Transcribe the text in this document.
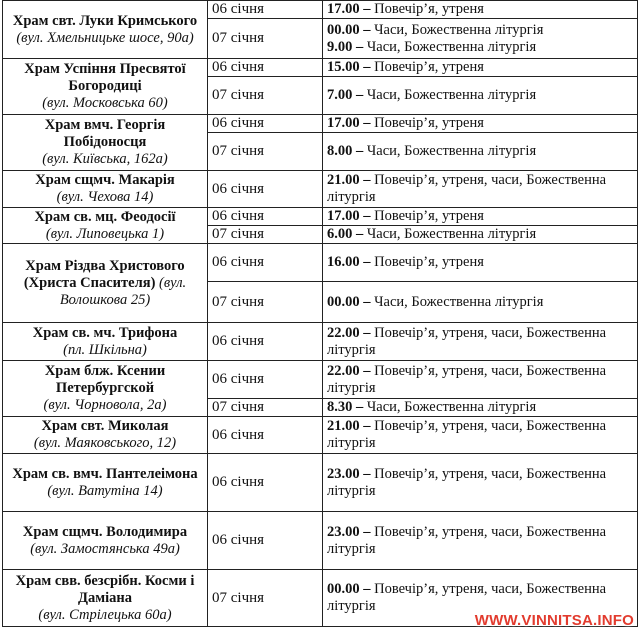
Храм свт. Луки Кримського
(вул. Хмельницьке шосе, 90а)	06 січня	17.00 – Повечір’я, утреня

	07 січня	00.00 – Часи, Божественна літургія
9.00 – Часи, Божественна літургія

Храм Успіння Пресвятої Богородиці
(вул. Московська 60)	06 січня	15.00 – Повечір’я, утреня

	07 січня	7.00 – Часи, Божественна літургія

Храм вмч. Георгія Побідоносця
(вул. Київська, 162а)	06 січня	17.00 – Повечір’я, утреня

	07 січня	8.00 – Часи, Божественна літургія

Храм сщмч. Макарія
(вул. Чехова 14)	06 січня	21.00 – Повечір’я, утреня, часи, Божественна літургія

Храм св. мц. Феодосії
(вул. Липовецька 1)	06 січня	17.00 – Повечір’я, утреня

	07 січня	6.00 – Часи, Божественна літургія

Храм Різдва Христового (Христа Спасителя) (вул.
Волошкова 25)	06 січня	16.00 – Повечір’я, утреня

	07 січня	00.00 – Часи, Божественна літургія

Храм св. мч. Трифона
(пл. Шкільна)	06 січня	22.00 – Повечір’я, утреня, часи, Божественна літургія

Храм блж. Ксении Петербургской
(вул. Чорновола, 2а)	06 січня	22.00 – Повечір’я, утреня, часи, Божественна літургія

	07 січня	8.30 – Часи, Божественна літургія

Храм свт. Миколая
(вул. Маяковського, 12)	06 січня	21.00 – Повечір’я, утреня, часи, Божественна літургія

Храм св. вмч. Пантелеімона
(вул. Ватутіна 14)	06 січня	23.00 – Повечір’я, утреня, часи, Божественна літургія

Храм сщмч. Володимира
(вул. Замостянська 49а)	06 січня	23.00 – Повечір’я, утреня, часи, Божественна літургія

Храм свв. безсрібн. Косми і Даміана
(вул. Стрілецька 60а)	07 січня	00.00 – Повечір’я, утреня, часи, Божественна літургія
WWW.VINNITSA.INFO
